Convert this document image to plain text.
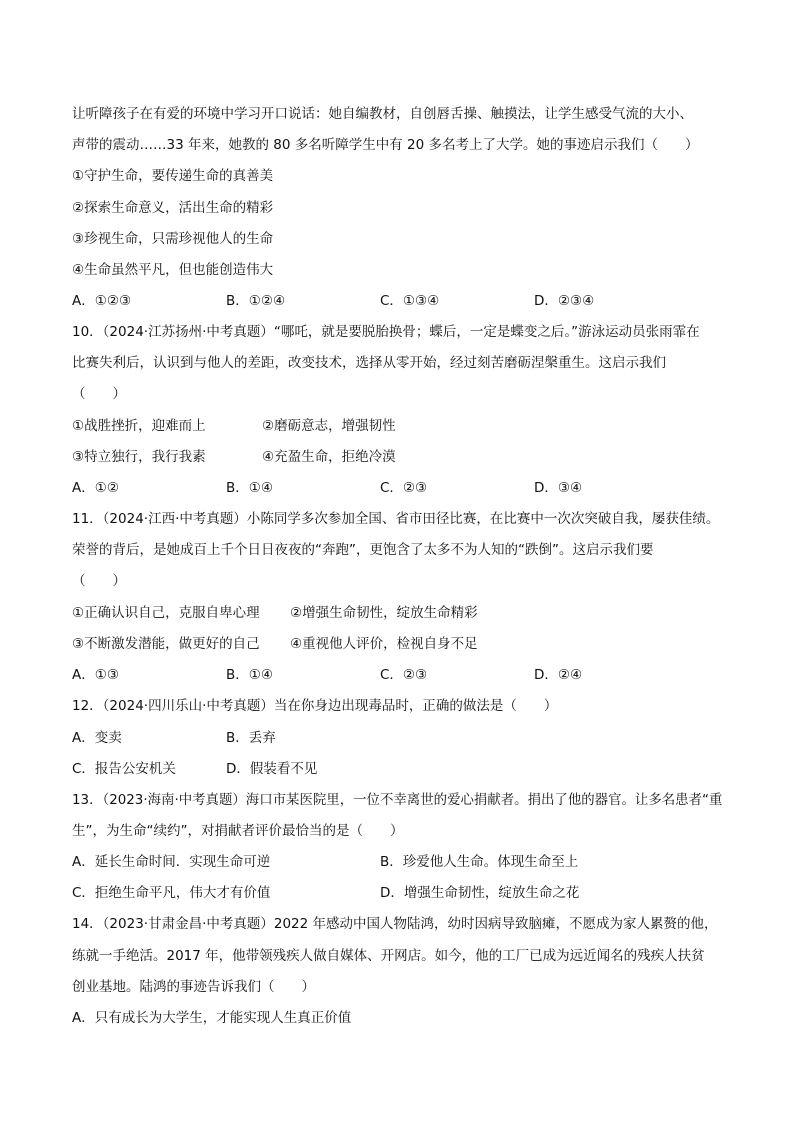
让听障孩子在有爱的环境中学习开口说话：她自编教材，自创唇舌操、触摸法，让学生感受气流的大小、
声带的震动……33 年来，她教的 80 多名听障学生中有 20 多名考上了大学。她的事迹启示我们（　　）
①守护生命，要传递生命的真善美
②探索生命意义，活出生命的精彩
③珍视生命，只需珍视他人的生命
④生命虽然平凡，但也能创造伟大
A．①②③	B．①②④	C．①③④	D．②③④
10．（2024·江苏扬州·中考真题）“哪吒，就是要脱胎换骨；蝶后，一定是蝶变之后。”游泳运动员张雨霏在
比赛失利后，认识到与他人的差距，改变技术，选择从零开始，经过刻苦磨砺涅槃重生。这启示我们
（　　）
①战胜挫折，迎难而上	②磨砺意志，增强韧性
③特立独行，我行我素	④充盈生命，拒绝冷漠
A．①②	B．①④	C．②③	D．③④
11．（2024·江西·中考真题）小陈同学多次参加全国、省市田径比赛，在比赛中一次次突破自我，屡获佳绩。
荣誉的背后，是她成百上千个日日夜夜的“奔跑”，更饱含了太多不为人知的“跌倒”。这启示我们要
（　　）
①正确认识自己，克服自卑心理 ②增强生命韧性，绽放生命精彩
③不断激发潜能，做更好的自己 ④重视他人评价，检视自身不足
A．①③	B．①④	C．②③	D．②④
12．（2024·四川乐山·中考真题）当在你身边出现毒品时，正确的做法是（　　）
A．变卖	B．丢弃
C．报告公安机关	D．假装看不见
13．（2023·海南·中考真题）海口市某医院里，一位不幸离世的爱心捐献者。捐出了他的器官。让多名患者“重
生”，为生命“续约”，对捐献者评价最恰当的是（　　）
A．延长生命时间．实现生命可逆	B．珍爱他人生命。体现生命至上
C．拒绝生命平凡，伟大才有价值	D．增强生命韧性，绽放生命之花
14．（2023·甘肃金昌·中考真题）2022 年感动中国人物陆鸿，幼时因病导致脑瘫，不愿成为家人累赘的他，
练就一手绝活。2017 年，他带领残疾人做自媒体、开网店。如今，他的工厂已成为远近闻名的残疾人扶贫
创业基地。陆鸿的事迹告诉我们（　　）
A．只有成长为大学生，才能实现人生真正价值
